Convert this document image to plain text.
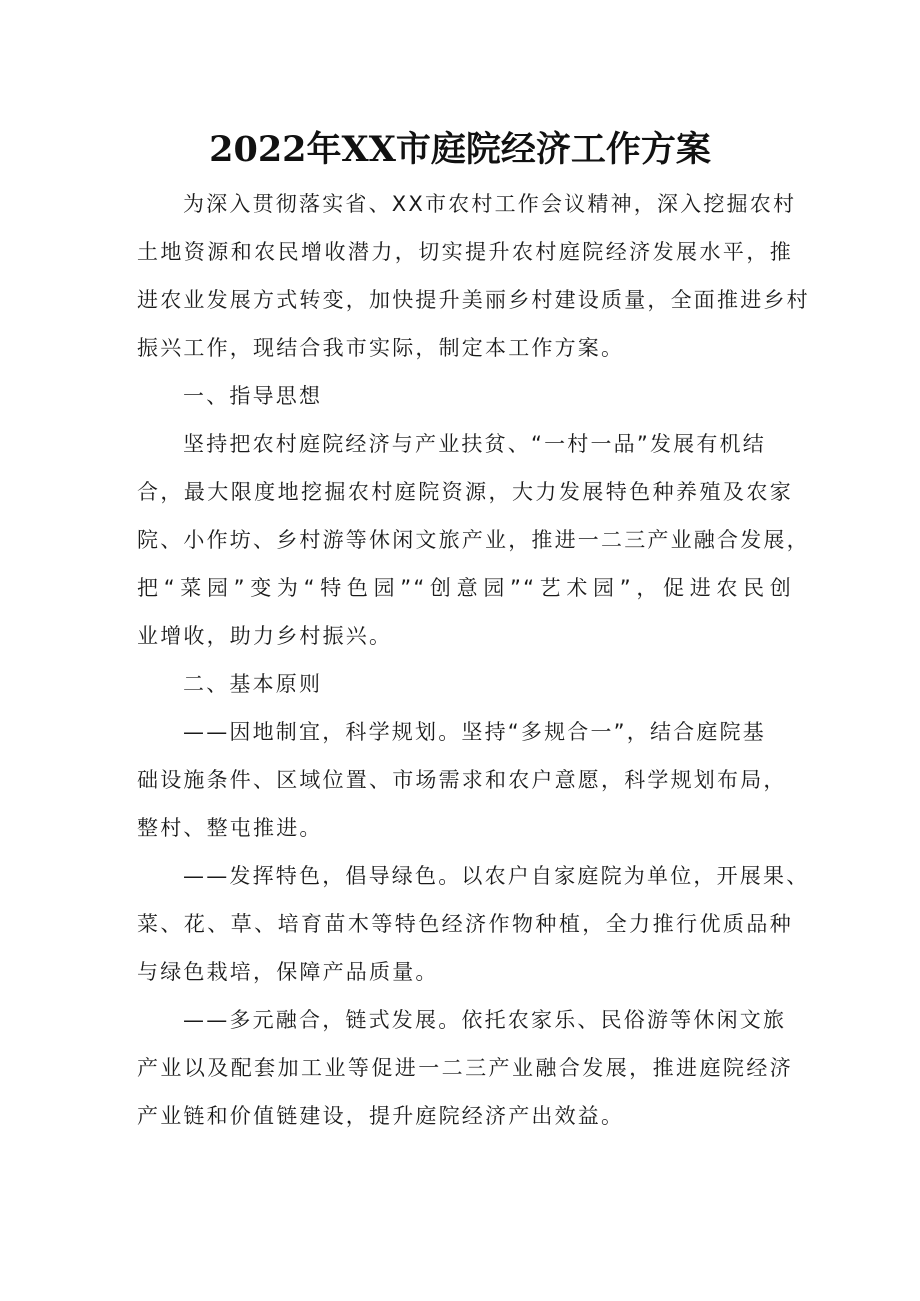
2022年XX市庭院经济工作方案
为深入贯彻落实省、XX市农村工作会议精神，深入挖掘农村
土地资源和农民增收潜力，切实提升农村庭院经济发展水平，推
进农业发展方式转变，加快提升美丽乡村建设质量，全面推进乡村
振兴工作，现结合我市实际，制定本工作方案。
一、指导思想
坚持把农村庭院经济与产业扶贫、“一村一品”发展有机结
合，最大限度地挖掘农村庭院资源，大力发展特色种养殖及农家
院、小作坊、乡村游等休闲文旅产业，推进一二三产业融合发展，
把“菜园”变为“特色园”“创意园”“艺术园”，促进农民创
业增收，助力乡村振兴。
二、基本原则
——因地制宜，科学规划。坚持“多规合一”，结合庭院基
础设施条件、区域位置、市场需求和农户意愿，科学规划布局，
整村、整屯推进。
——发挥特色，倡导绿色。以农户自家庭院为单位，开展果、
菜、花、草、培育苗木等特色经济作物种植，全力推行优质品种
与绿色栽培，保障产品质量。
——多元融合，链式发展。依托农家乐、民俗游等休闲文旅
产业以及配套加工业等促进一二三产业融合发展，推进庭院经济
产业链和价值链建设，提升庭院经济产出效益。
